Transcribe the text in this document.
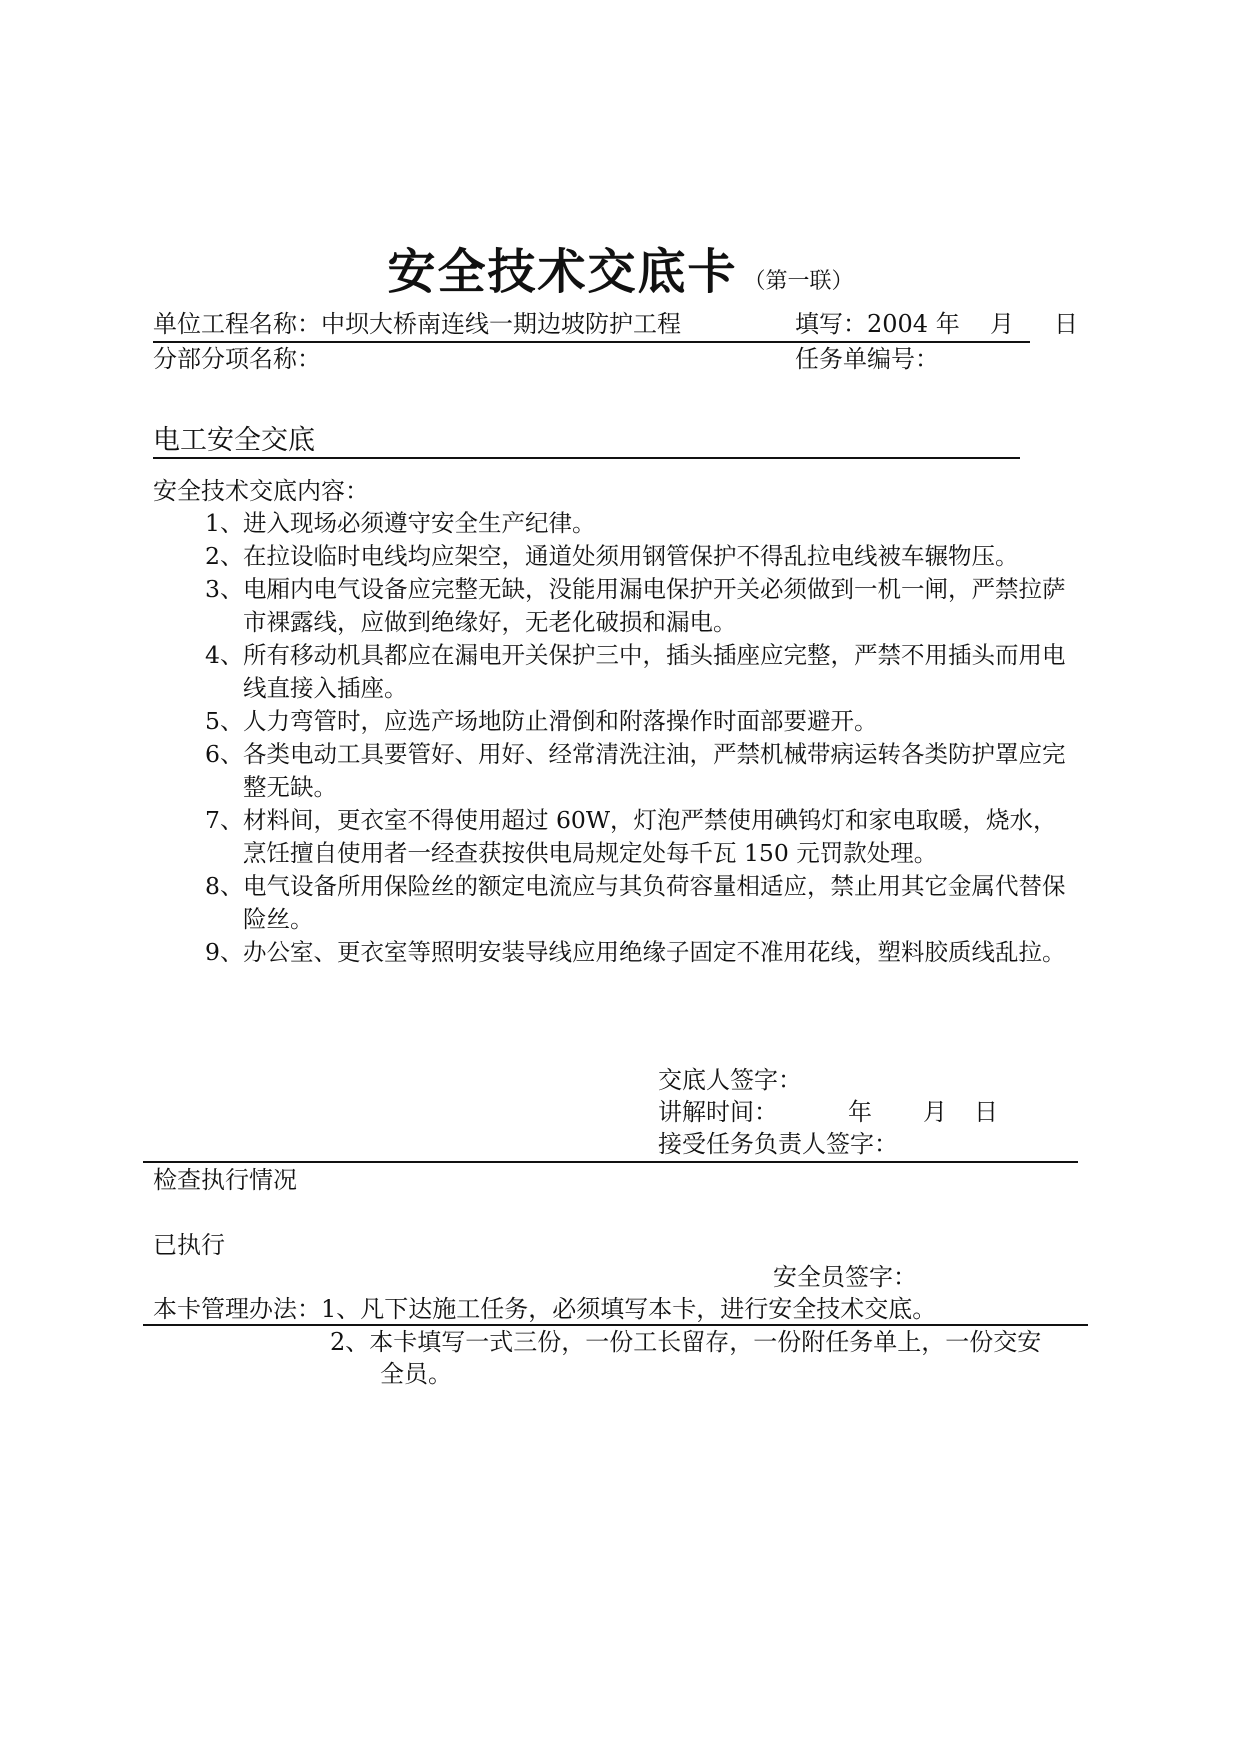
安全技术交底卡 （第一联）
单位工程名称：中坝大桥南连线一期边坡防护工程	填写：2004 年 月 日
分部分项名称：	任务单编号：
电工安全交底
安全技术交底内容：
1、 进入现场必须遵守安全生产纪律。
2、 在拉设临时电线均应架空，通道处须用钢管保护不得乱拉电线被车辗物压。
3、 电厢内电气设备应完整无缺，没能用漏电保护开关必须做到一机一闸，严禁拉萨市裸露线，应做到绝缘好，无老化破损和漏电。
4、 所有移动机具都应在漏电开关保护三中，插头插座应完整，严禁不用插头而用电线直接入插座。
5、 人力弯管时，应选产场地防止滑倒和附落操作时面部要避开。
6、 各类电动工具要管好、用好、经常清洗注油，严禁机械带病运转各类防护罩应完整无缺。
7、 材料间，更衣室不得使用超过 60W，灯泡严禁使用碘钨灯和家电取暖，烧水，烹饪擅自使用者一经查获按供电局规定处每千瓦 150 元罚款处理。
8、 电气设备所用保险丝的额定电流应与其负荷容量相适应，禁止用其它金属代替保险丝。
9、 办公室、更衣室等照明安装导线应用绝缘子固定不准用花线，塑料胶质线乱拉。
交底人签字：
讲解时间：	年 月 日
接受任务负责人签字：
检查执行情况
已执行
安全员签字：
本卡管理办法：1、凡下达施工任务，必须填写本卡，进行安全技术交底。
2、本卡填写一式三份，一份工长留存，一份附任务单上，一份交安
全员。
